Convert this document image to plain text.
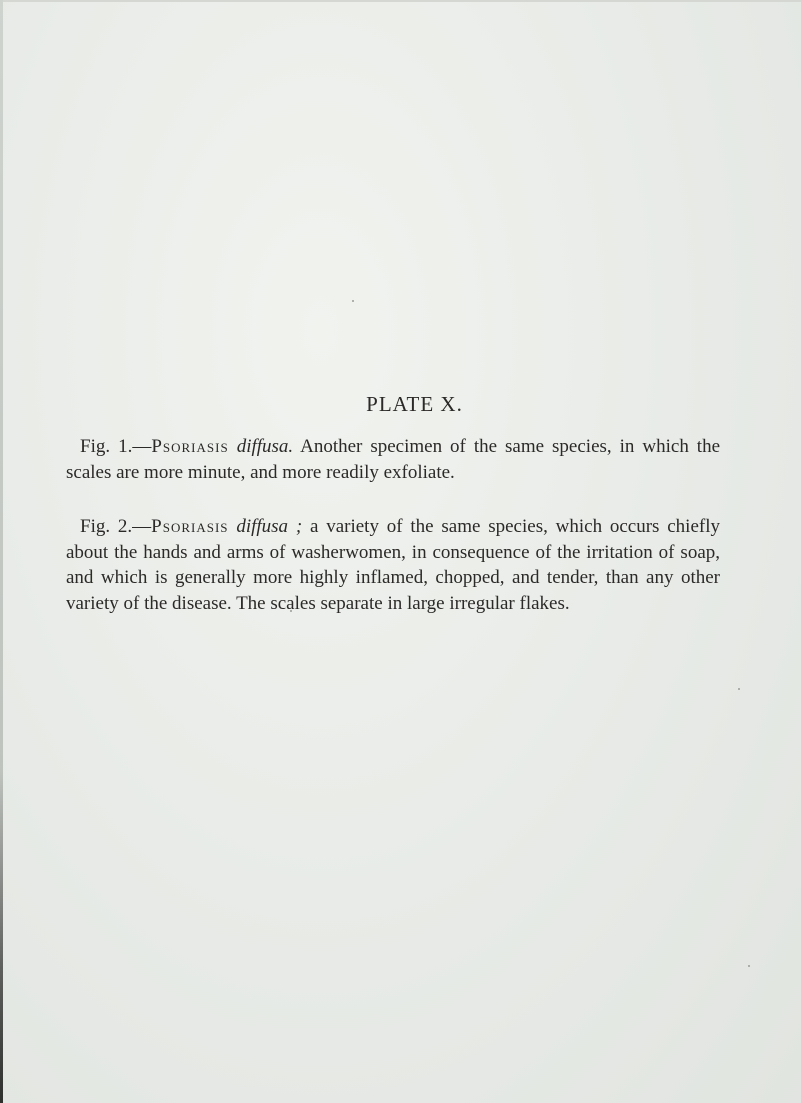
PLATE X.
Fig. 1.—Psoriasis diffusa. Another specimen of the same species, in which the scales are more minute, and more readily exfoliate.
Fig. 2.—Psoriasis diffusa ; a variety of the same species, which occurs chiefly about the hands and arms of washerwomen, in consequence of the irritation of soap, and which is generally more highly inflamed, chopped, and tender, than any other variety of the disease. The scales separate in large irregular flakes.
